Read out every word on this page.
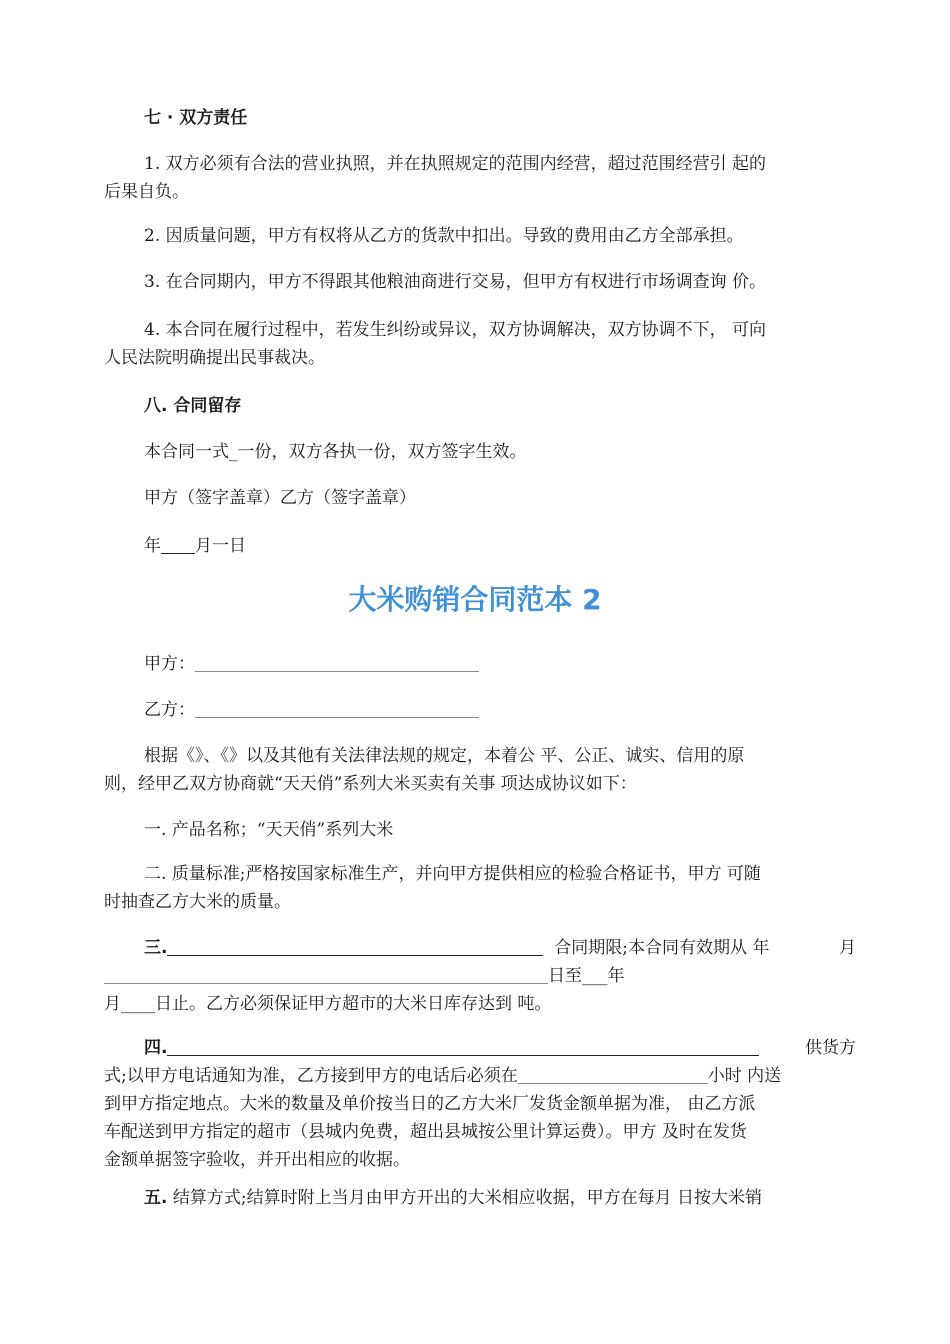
七 · 双方责任
1. 双方必须有合法的营业执照，并在执照规定的范围内经营，超过范围经营引 起的
后果自负。
2. 因质量问题，甲方有权将从乙方的货款中扣出。导致的费用由乙方全部承担。
3. 在合同期内，甲方不得跟其他粮油商进行交易，但甲方有权进行市场调查询 价。
4. 本合同在履行过程中，若发生纠纷或异议，双方协调解决，双方协调不下， 可向
人民法院明确提出民事裁决。
八. 合同留存
本合同一式_一份，双方各执一份，双方签字生效。
甲方（签字盖章）乙方（签字盖章）
年 月一日
大米购销合同范本 2
甲方：
乙方：
根据《》、《》以及其他有关法律法规的规定，本着公 平、公正、诚实、信用的原
则，经甲乙双方协商就“天天俏”系列大米买卖有关事 项达成协议如下：
一. 产品名称；“天天俏”系列大米
二. 质量标准;严格按国家标准生产，并向甲方提供相应的检验合格证书，甲方 可随
时抽查乙方大米的质量。
三.	合同期限;本合同有效期从 年	月
日至___年
月____日止。乙方必须保证甲方超市的大米日库存达到 吨。
四.	供货方
式;以甲方电话通知为准，乙方接到甲方的电话后必须在	小时 内送
到甲方指定地点。大米的数量及单价按当日的乙方大米厂发货金额单据为准， 由乙方派
车配送到甲方指定的超市（县城内免费，超出县城按公里计算运费）。甲方 及时在发货
金额单据签字验收，并开出相应的收据。
五. 结算方式;结算时附上当月由甲方开出的大米相应收据，甲方在每月 日按大米销
